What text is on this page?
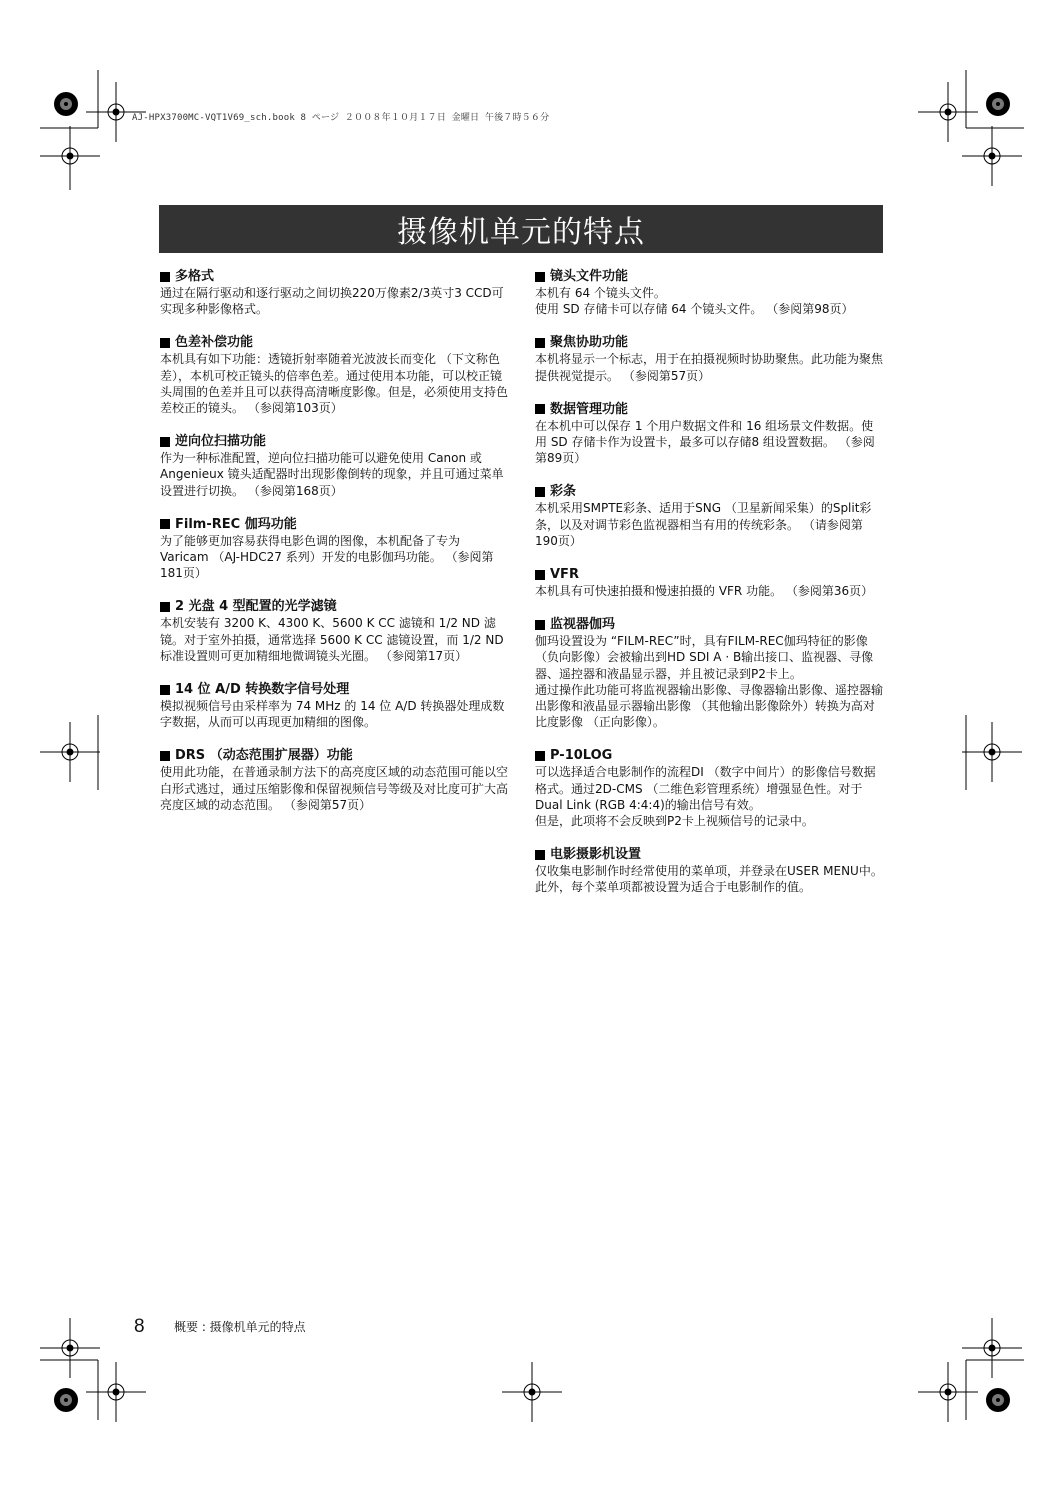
AJ-HPX3700MC-VQT1V69_sch.book 8 ページ ２００８年１０月１７日 金曜日 午後７時５６分
摄像机单元的特点
多格式
通过在隔行驱动和逐行驱动之间切换220万像素2/3英寸3 CCD可实现多种影像格式。
色差补偿功能
本机具有如下功能：透镜折射率随着光波波长而变化 （下文称色差），本机可校正镜头的倍率色差。通过使用本功能，可以校正镜头周围的色差并且可以获得高清晰度影像。但是，必须使用支持色差校正的镜头。 （参阅第103页）
逆向位扫描功能
作为一种标准配置，逆向位扫描功能可以避免使用 Canon 或 Angenieux 镜头适配器时出现影像倒转的现象，并且可通过菜单设置进行切换。 （参阅第168页）
Film-REC 伽玛功能
为了能够更加容易获得电影色调的图像，本机配备了专为 Varicam （AJ-HDC27 系列）开发的电影伽玛功能。 （参阅第181页）
2 光盘 4 型配置的光学滤镜
本机安装有 3200 K、4300 K、5600 K CC 滤镜和 1/2 ND 滤镜。对于室外拍摄，通常选择 5600 K CC 滤镜设置，而 1/2 ND 标准设置则可更加精细地微调镜头光圈。 （参阅第17页）
14 位 A/D 转换数字信号处理
模拟视频信号由采样率为 74 MHz 的 14 位 A/D 转换器处理成数字数据，从而可以再现更加精细的图像。
DRS （动态范围扩展器）功能
使用此功能，在普通录制方法下的高亮度区域的动态范围可能以空白形式逃过，通过压缩影像和保留视频信号等级及对比度可扩大高亮度区域的动态范围。 （参阅第57页）
镜头文件功能
本机有 64 个镜头文件。
使用 SD 存储卡可以存储 64 个镜头文件。 （参阅第98页）
聚焦协助功能
本机将显示一个标志，用于在拍摄视频时协助聚焦。此功能为聚焦提供视觉提示。 （参阅第57页）
数据管理功能
在本机中可以保存 1 个用户数据文件和 16 组场景文件数据。使用 SD 存储卡作为设置卡，最多可以存储8 组设置数据。 （参阅第89页）
彩条
本机采用SMPTE彩条、适用于SNG （卫星新闻采集）的Split彩条，以及对调节彩色监视器相当有用的传统彩条。 （请参阅第190页）
VFR
本机具有可快速拍摄和慢速拍摄的 VFR 功能。 （参阅第36页）
监视器伽玛
伽玛设置设为 “FILM-REC”时，具有FILM-REC伽玛特征的影像 （负向影像）会被输出到HD SDI A · B输出接口、监视器、寻像器、遥控器和液晶显示器，并且被记录到P2卡上。
通过操作此功能可将监视器输出影像、寻像器输出影像、遥控器输出影像和液晶显示器输出影像 （其他输出影像除外）转换为高对比度影像 （正向影像）。
P-10LOG
可以选择适合电影制作的流程DI （数字中间片）的影像信号数据格式。通过2D-CMS （二维色彩管理系统）增强显色性。对于 Dual Link (RGB 4:4:4)的输出信号有效。
但是，此项将不会反映到P2卡上视频信号的记录中。
电影摄影机设置
仅收集电影制作时经常使用的菜单项，并登录在USER MENU中。此外，每个菜单项都被设置为适合于电影制作的值。
8 概要 : 摄像机单元的特点
